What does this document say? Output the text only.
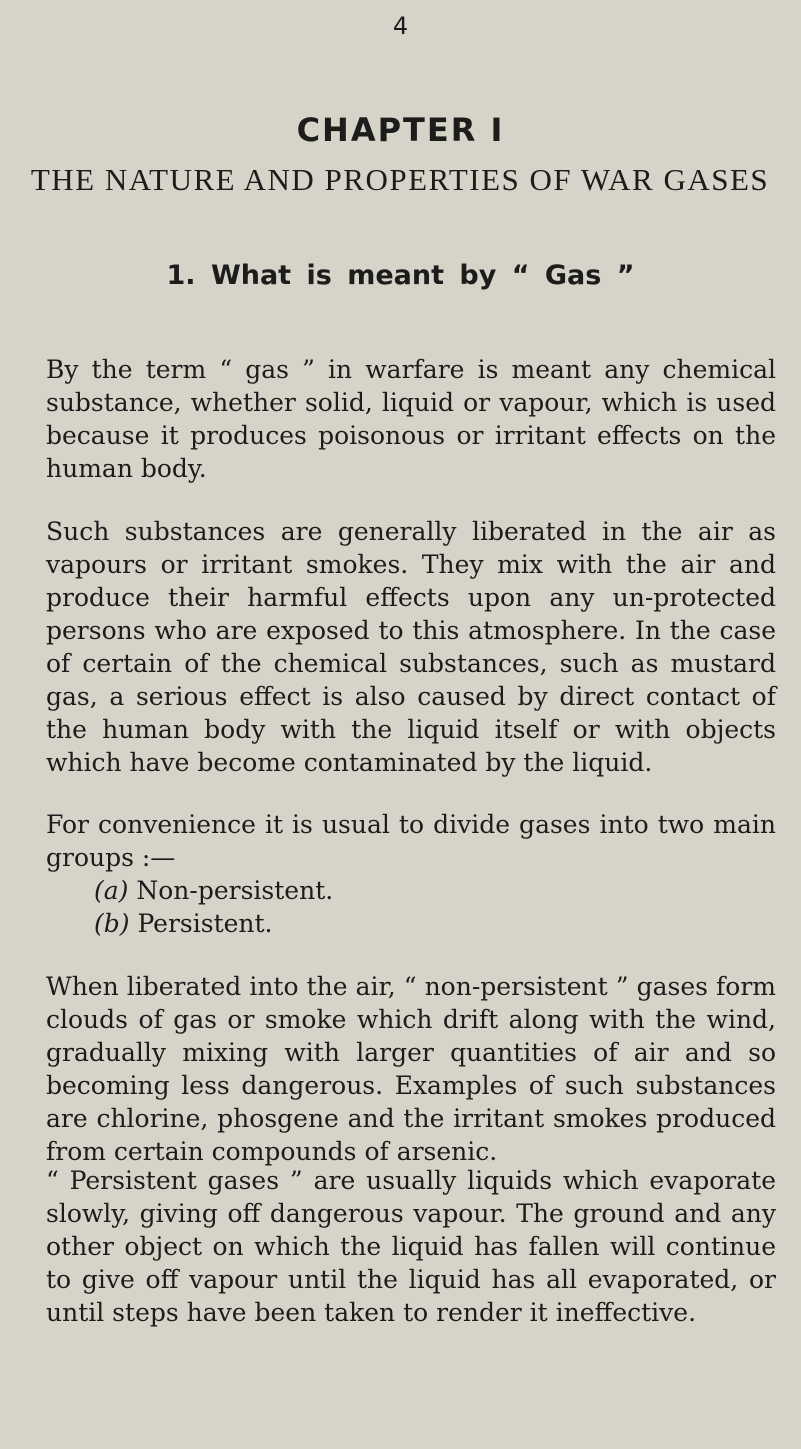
4
CHAPTER I
THE NATURE AND PROPERTIES OF WAR GASES
1. What is meant by “ Gas ”

By the term “ gas ” in warfare is meant any chemical substance, whether solid, liquid or vapour, which is used because it produces poisonous or irritant effects on the human body.

Such substances are generally liberated in the air as vapours or irritant smokes. They mix with the air and produce their harmful effects upon any un-protected persons who are exposed to this atmosphere. In the case of certain of the chemical substances, such as mustard gas, a serious effect is also caused by direct contact of the human body with the liquid itself or with objects which have become contaminated by the liquid.

For convenience it is usual to divide gases into two main groups :—

(a) Non-persistent.
(b) Persistent.

When liberated into the air, “ non-persistent ” gases form clouds of gas or smoke which drift along with the wind, gradually mixing with larger quantities of air and so becoming less dangerous. Examples of such substances are chlorine, phosgene and the irritant smokes produced from certain compounds of arsenic.

“ Persistent gases ” are usually liquids which evaporate slowly, giving off dangerous vapour. The ground and any other object on which the liquid has fallen will continue to give off vapour until the liquid has all evaporated, or until steps have been taken to render it ineffective.
